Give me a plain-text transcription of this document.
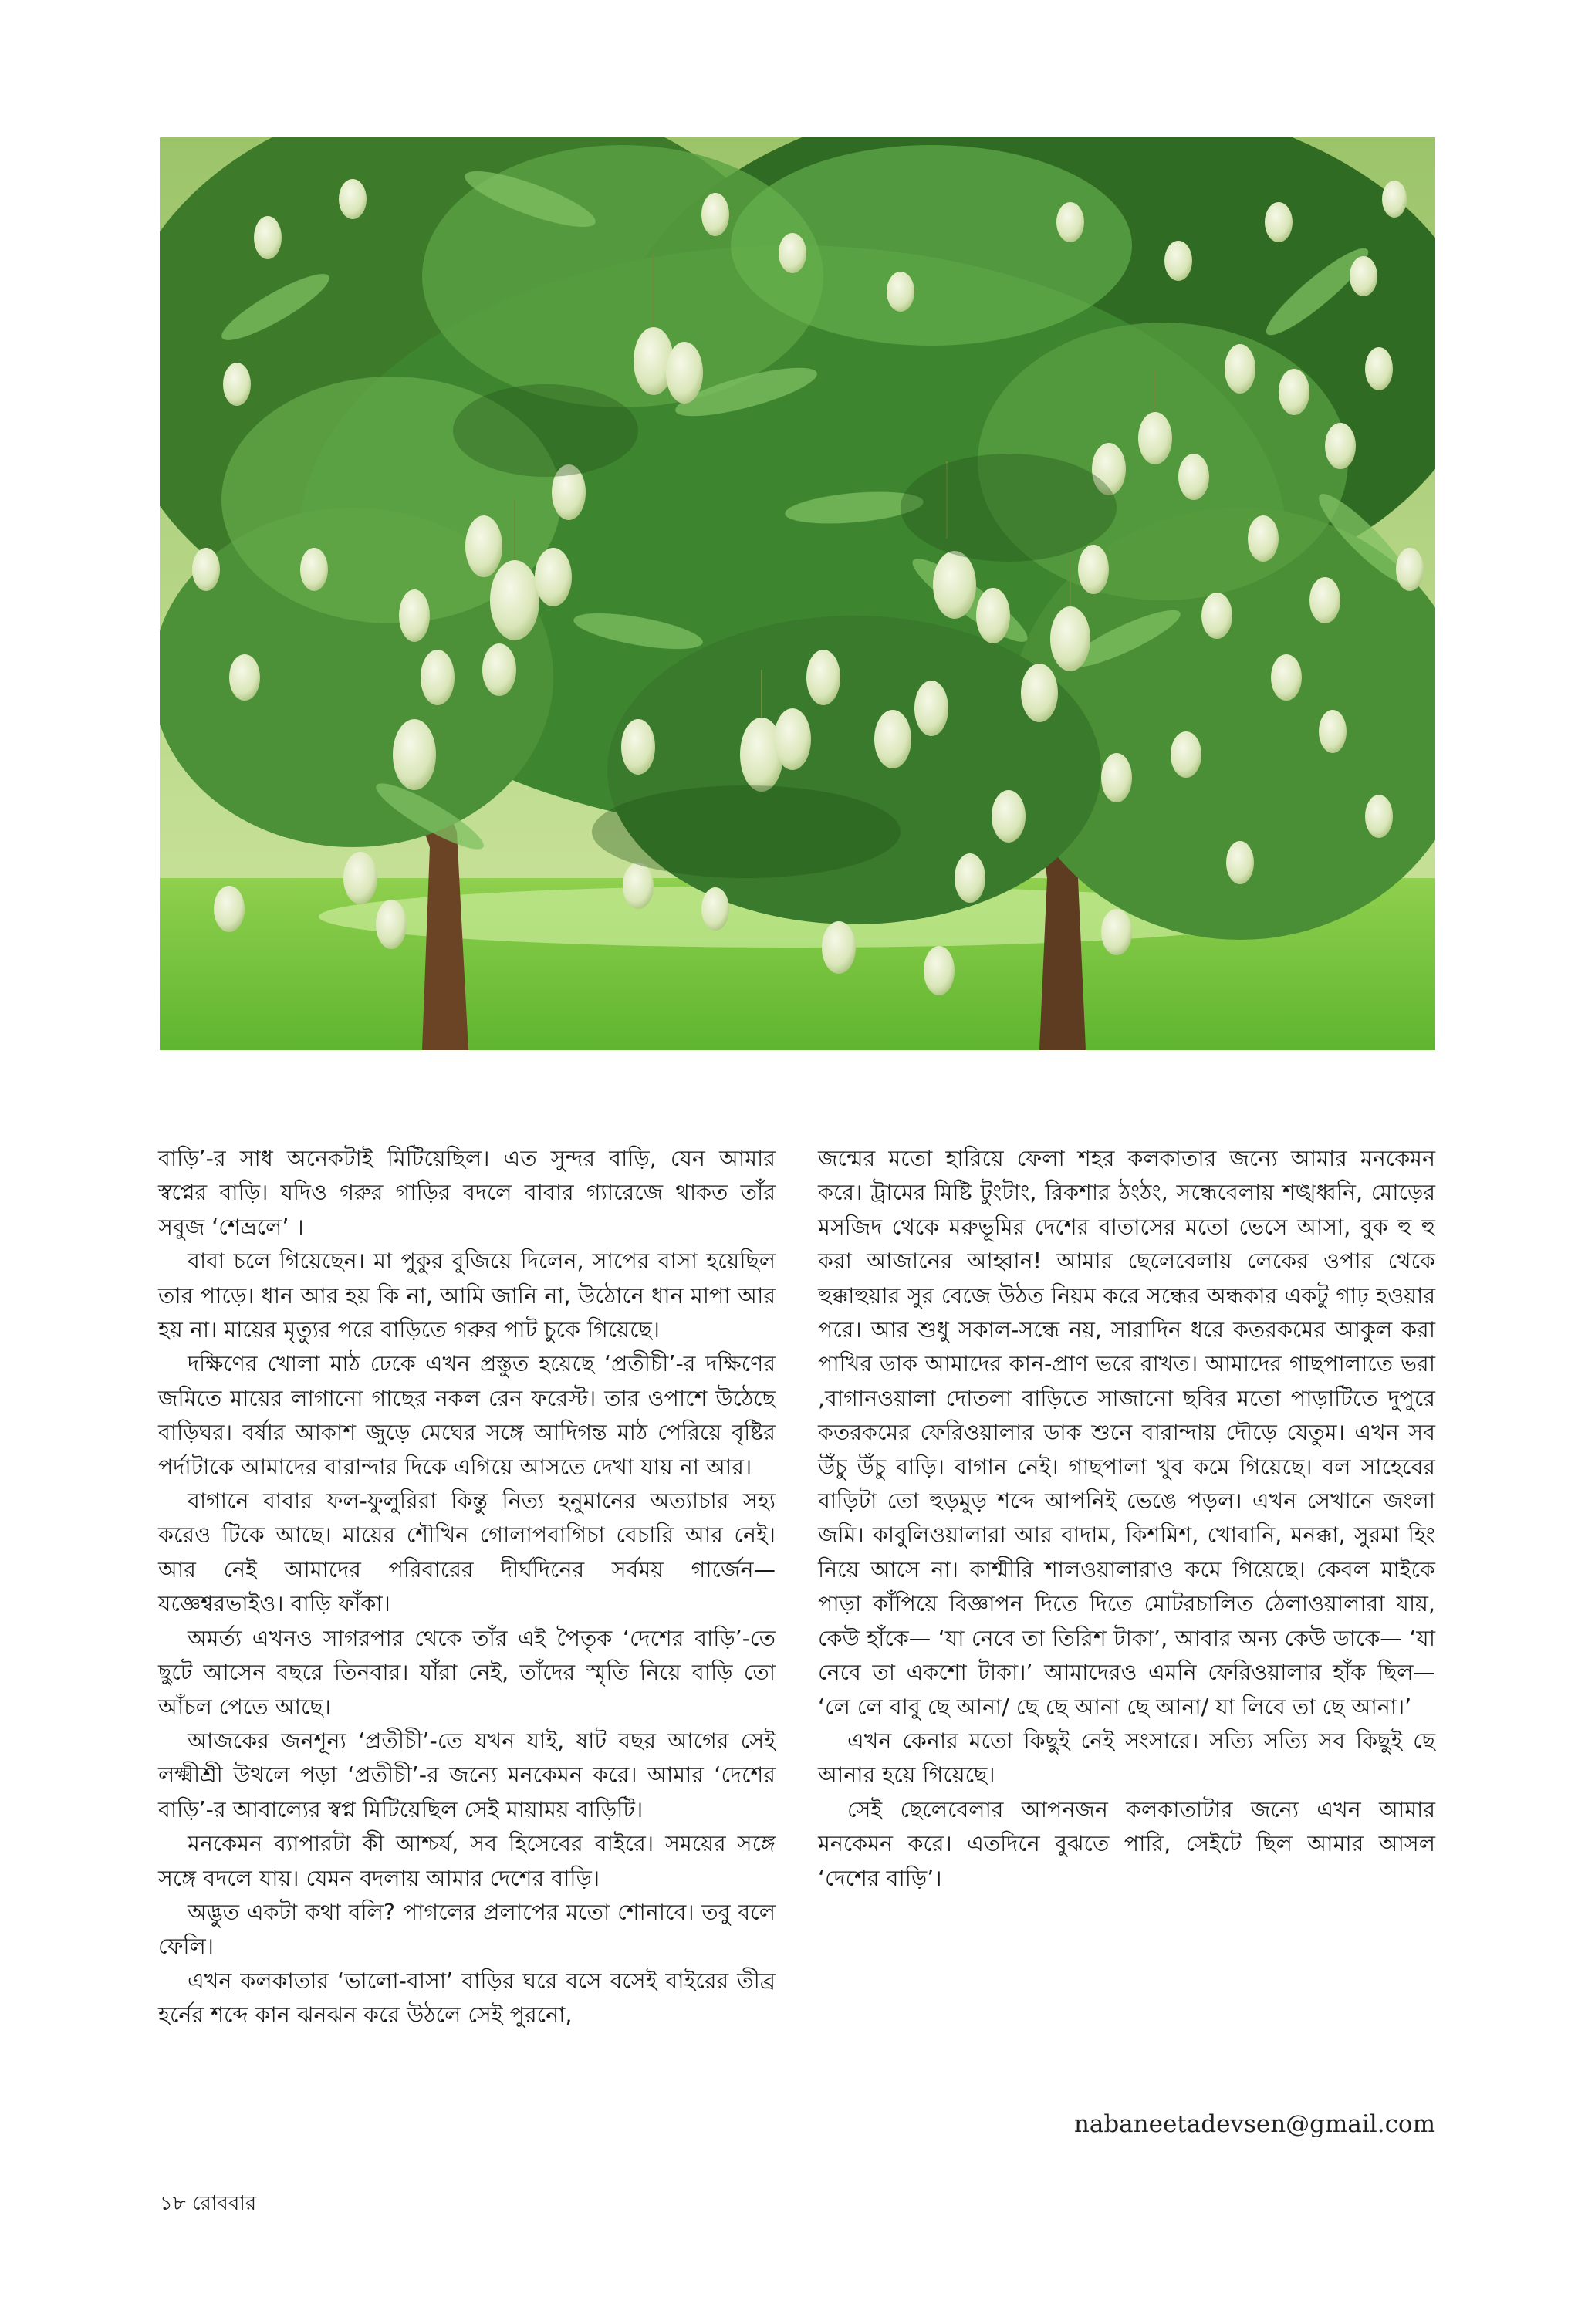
বাড়ি’-র সাধ অনেকটাই মিটিয়েছিল। এত সুন্দর বাড়ি, যেন আমার স্বপ্নের বাড়ি। যদিও গরুর গাড়ির বদলে বাবার গ্যারেজে থাকত তাঁর সবুজ ‘শেভ্রলে’ ।

বাবা চলে গিয়েছেন। মা পুকুর বুজিয়ে দিলেন, সাপের বাসা হয়েছিল তার পাড়ে। ধান আর হয় কি না, আমি জানি না, উঠোনে ধান মাপা আর হয় না। মায়ের মৃত্যুর পরে বাড়িতে গরুর পাট চুকে গিয়েছে।

দক্ষিণের খোলা মাঠ ঢেকে এখন প্রস্তুত হয়েছে ‘প্রতীচী’-র দক্ষিণের জমিতে মায়ের লাগানো গাছের নকল রেন ফরেস্ট। তার ওপাশে উঠেছে বাড়িঘর। বর্ষার আকাশ জুড়ে মেঘের সঙ্গে আদিগন্ত মাঠ পেরিয়ে বৃষ্টির পর্দাটাকে আমাদের বারান্দার দিকে এগিয়ে আসতে দেখা যায় না আর।

বাগানে বাবার ফল-ফুলুরিরা কিন্তু নিত্য হনুমানের অত্যাচার সহ্য করেও টিকে আছে। মায়ের শৌখিন গোলাপবাগিচা বেচারি আর নেই। আর নেই আমাদের পরিবারের দীর্ঘদিনের সর্বময় গার্জেন— যজ্ঞেশ্বরভাইও। বাড়ি ফাঁকা।

অমর্ত্য এখনও সাগরপার থেকে তাঁর এই পৈতৃক ‘দেশের বাড়ি’-তে ছুটে আসেন বছরে তিনবার। যাঁরা নেই, তাঁদের স্মৃতি নিয়ে বাড়ি তো আঁচল পেতে আছে।

আজকের জনশূন্য ‘প্রতীচী’-তে যখন যাই, ষাট বছর আগের সেই লক্ষ্মীশ্রী উথলে পড়া ‘প্রতীচী’-র জন্যে মনকেমন করে। আমার ‘দেশের বাড়ি’-র আবাল্যের স্বপ্ন মিটিয়েছিল সেই মায়াময় বাড়িটি।

মনকেমন ব্যাপারটা কী আশ্চর্য, সব হিসেবের বাইরে। সময়ের সঙ্গে সঙ্গে বদলে যায়। যেমন বদলায় আমার দেশের বাড়ি।

অদ্ভুত একটা কথা বলি? পাগলের প্রলাপের মতো শোনাবে। তবু বলে ফেলি।

এখন কলকাতার ‘ভালো-বাসা’ বাড়ির ঘরে বসে বসেই বাইরের তীব্র হর্নের শব্দে কান ঝনঝন করে উঠলে সেই পুরনো,

জন্মের মতো হারিয়ে ফেলা শহর কলকাতার জন্যে আমার মনকেমন করে। ট্রামের মিষ্টি টুংটাং, রিকশার ঠংঠং, সন্ধেবেলায় শঙ্খধ্বনি, মোড়ের মসজিদ থেকে মরুভূমির দেশের বাতাসের মতো ভেসে আসা, বুক হু হু করা আজানের আহ্বান! আমার ছেলেবেলায় লেকের ওপার থেকে হুক্কাহুয়ার সুর বেজে উঠত নিয়ম করে সন্ধের অন্ধকার একটু গাঢ় হওয়ার পরে। আর শুধু সকাল-সন্ধে নয়, সারাদিন ধরে কতরকমের আকুল করা পাখির ডাক আমাদের কান-প্রাণ ভরে রাখত। আমাদের গাছপালাতে ভরা ,বাগানওয়ালা দোতলা বাড়িতে সাজানো ছবির মতো পাড়াটিতে দুপুরে কতরকমের ফেরিওয়ালার ডাক শুনে বারান্দায় দৌড়ে যেতুম। এখন সব উঁচু উঁচু বাড়ি। বাগান নেই। গাছপালা খুব কমে গিয়েছে। বল সাহেবের বাড়িটা তো হুড়মুড় শব্দে আপনিই ভেঙে পড়ল। এখন সেখানে জংলা জমি। কাবুলিওয়ালারা আর বাদাম, কিশমিশ, খোবানি, মনক্কা, সুরমা হিং নিয়ে আসে না। কাশ্মীরি শালওয়ালারাও কমে গিয়েছে। কেবল মাইকে পাড়া কাঁপিয়ে বিজ্ঞাপন দিতে দিতে মোটরচালিত ঠেলাওয়ালারা যায়, কেউ হাঁকে— ‘যা নেবে তা তিরিশ টাকা’, আবার অন্য কেউ ডাকে— ‘যা নেবে তা একশো টাকা।’ আমাদেরও এমনি ফেরিওয়ালার হাঁক ছিল— ‘লে লে বাবু ছে আনা/ ছে ছে আনা ছে আনা/ যা লিবে তা ছে আনা।’

এখন কেনার মতো কিছুই নেই সংসারে। সত্যি সত্যি সব কিছুই ছে আনার হয়ে গিয়েছে।

সেই ছেলেবেলার আপনজন কলকাতাটার জন্যে এখন আমার মনকেমন করে। এতদিনে বুঝতে পারি, সেইটে ছিল আমার আসল ‘দেশের বাড়ি’।

nabaneetadevsen@gmail.com
১৮ রোববার
